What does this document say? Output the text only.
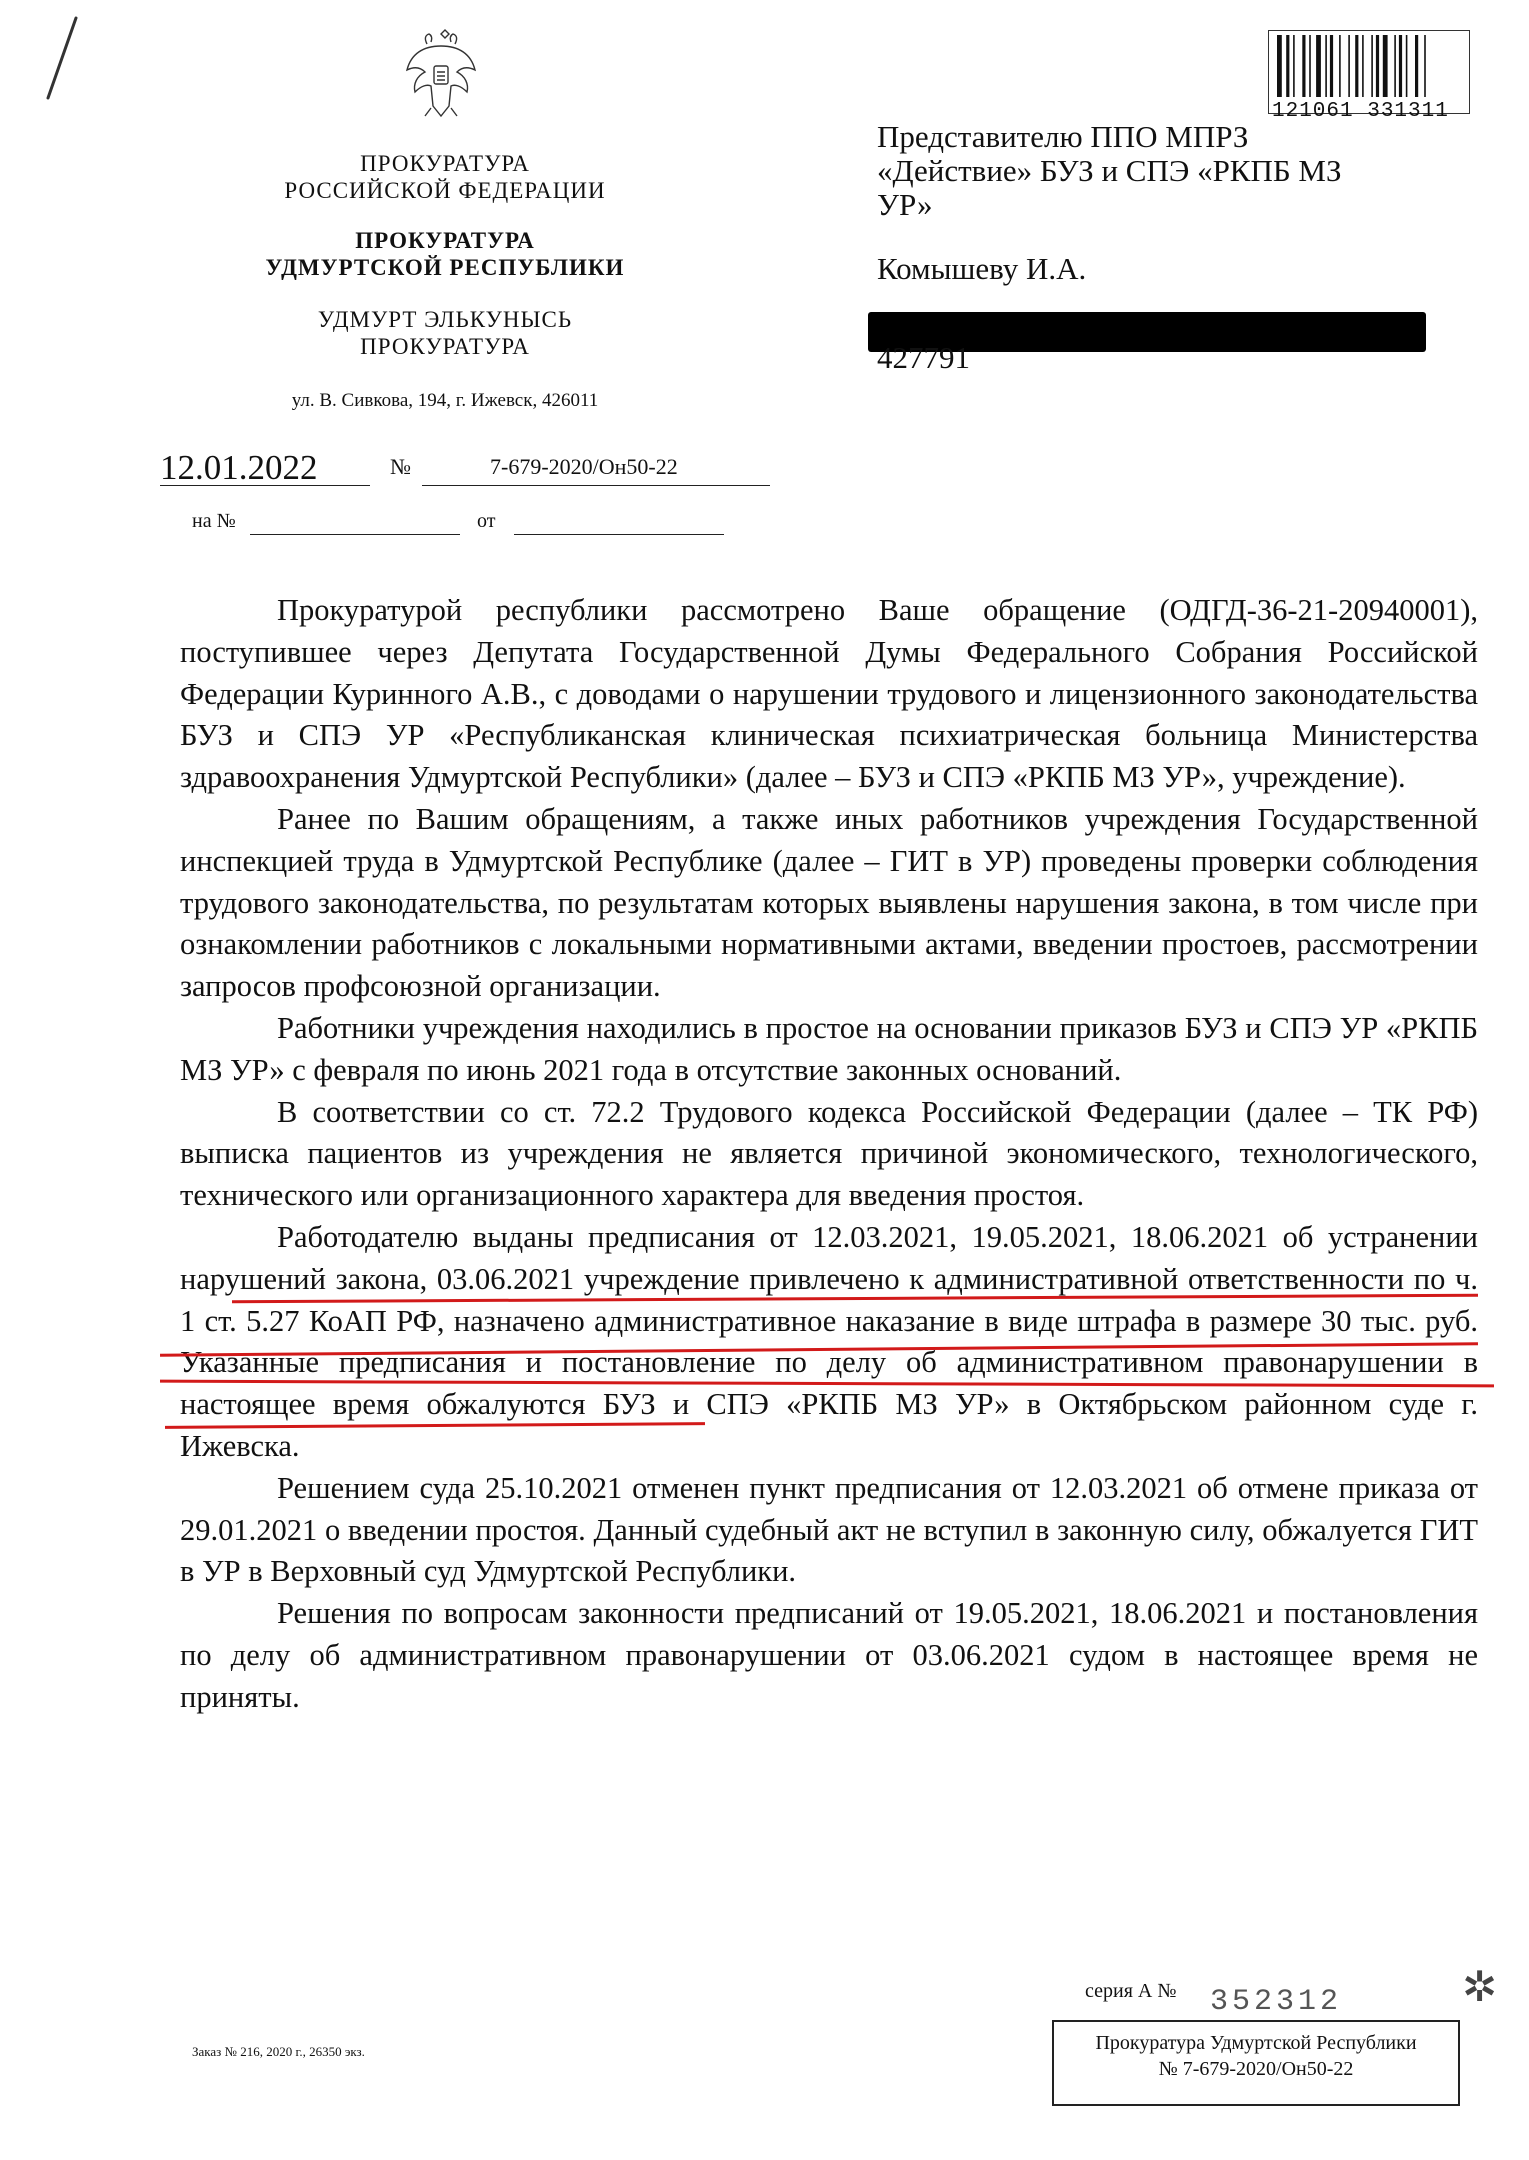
ПРОКУРАТУРА
РОССИЙСКОЙ ФЕДЕРАЦИИ
ПРОКУРАТУРА
УДМУРТСКОЙ РЕСПУБЛИКИ
УДМУРТ ЭЛЬКУНЫСЬ
ПРОКУРАТУРА
ул. В. Сивкова, 194, г. Ижевск, 426011
12.01.2022	№	7-679-2020/Он50-22
на №	от
121061 331311
Представителю ППО МПРЗ
«Действие» БУЗ и СПЭ «РКПБ МЗ
УР»
Комышеву И.А.
427791

Прокуратурой республики рассмотрено Ваше обращение (ОДГД-36-21-20940001), поступившее через Депутата Государственной Думы Федерального Собрания Российской Федерации Куринного А.В., с доводами о нарушении трудового и лицензионного законодательства БУЗ и СПЭ УР «Республиканская клиническая психиатрическая больница Министерства здравоохранения Удмуртской Республики» (далее – БУЗ и СПЭ «РКПБ МЗ УР», учреждение).

Ранее по Вашим обращениям, а также иных работников учреждения Государственной инспекцией труда в Удмуртской Республике (далее – ГИТ в УР) проведены проверки соблюдения трудового законодательства, по результатам которых выявлены нарушения закона, в том числе при ознакомлении работников с локальными нормативными актами, введении простоев, рассмотрении запросов профсоюзной организации.

Работники учреждения находились в простое на основании приказов БУЗ и СПЭ УР «РКПБ МЗ УР» с февраля по июнь 2021 года в отсутствие законных оснований.

В соответствии со ст. 72.2 Трудового кодекса Российской Федерации (далее – ТК РФ) выписка пациентов из учреждения не является причиной экономического, технологического, технического или организационного характера для введения простоя.

Работодателю выданы предписания от 12.03.2021, 19.05.2021, 18.06.2021 об устранении нарушений закона, 03.06.2021 учреждение привлечено к административной ответственности по ч. 1 ст. 5.27 КоАП РФ, назначено административное наказание в виде штрафа в размере 30 тыс. руб. Указанные предписания и постановление по делу об административном правонарушении в настоящее время обжалуются БУЗ и СПЭ «РКПБ МЗ УР» в Октябрьском районном суде г. Ижевска.

Решением суда 25.10.2021 отменен пункт предписания от 12.03.2021 об отмене приказа от 29.01.2021 о введении простоя. Данный судебный акт не вступил в законную силу, обжалуется ГИТ в УР в Верховный суд Удмуртской Республики.

Решения по вопросам законности предписаний от 19.05.2021, 18.06.2021 и постановления по делу об административном правонарушении от 03.06.2021 судом в настоящее время не приняты.

Заказ № 216, 2020 г., 26350 экз.
серия А № 352312	✲
Прокуратура Удмуртской Республики
№ 7-679-2020/Он50-22
